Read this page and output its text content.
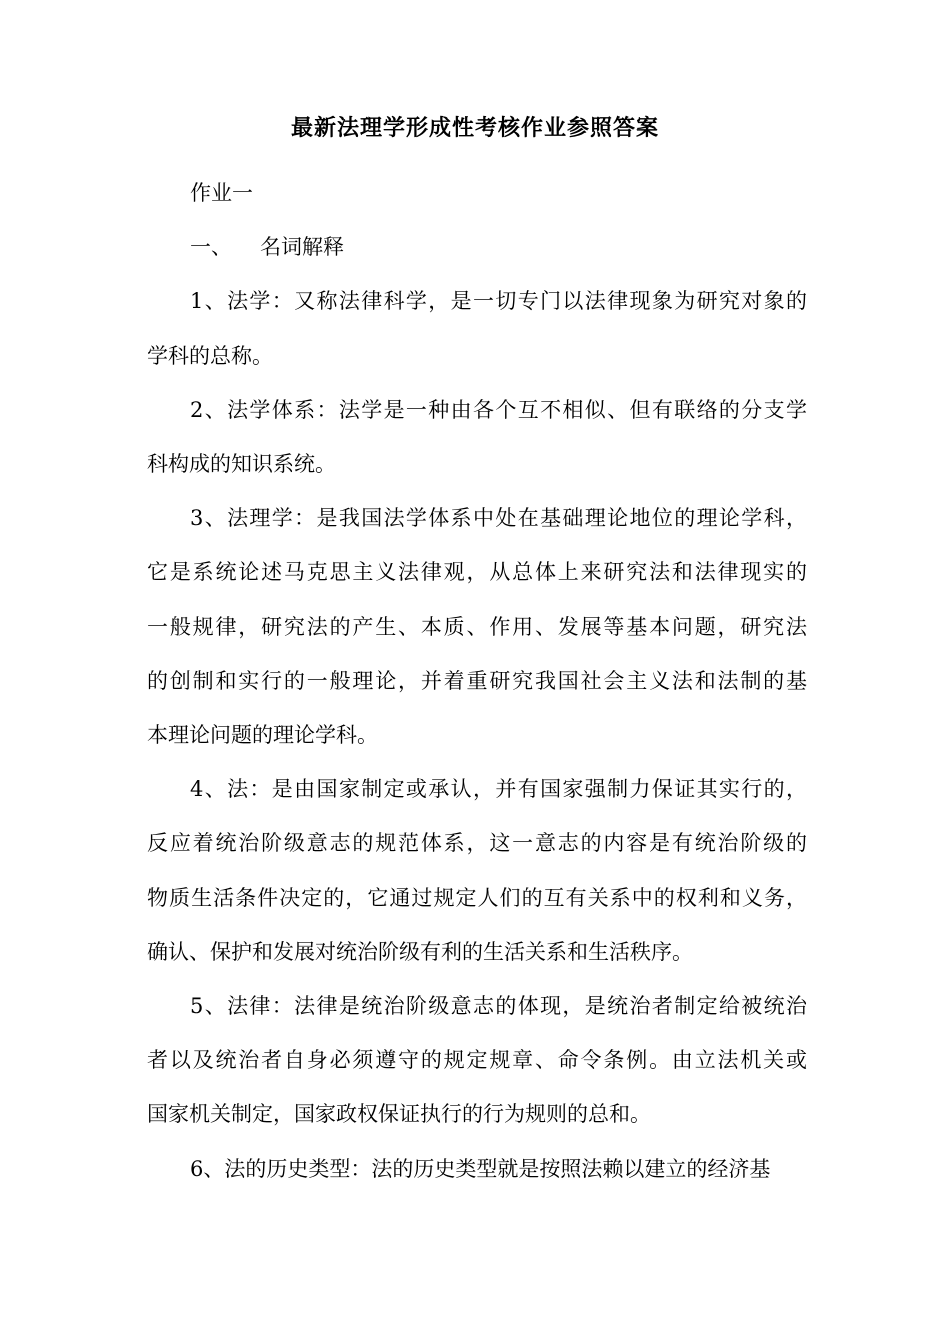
最新法理学形成性考核作业参照答案
作业一
一、 名词解释
1、法学：又称法律科学，是一切专门以法律现象为研究对象的
学科的总称。
2、法学体系：法学是一种由各个互不相似、但有联络的分支学
科构成的知识系统。
3、法理学：是我国法学体系中处在基础理论地位的理论学科，
它是系统论述马克思主义法律观，从总体上来研究法和法律现实的
一般规律，研究法的产生、本质、作用、发展等基本问题，研究法
的创制和实行的一般理论，并着重研究我国社会主义法和法制的基
本理论问题的理论学科。
4、法：是由国家制定或承认，并有国家强制力保证其实行的，
反应着统治阶级意志的规范体系，这一意志的内容是有统治阶级的
物质生活条件决定的，它通过规定人们的互有关系中的权利和义务，
确认、保护和发展对统治阶级有利的生活关系和生活秩序。
5、法律：法律是统治阶级意志的体现，是统治者制定给被统治
者以及统治者自身必须遵守的规定规章、命令条例。由立法机关或
国家机关制定，国家政权保证执行的行为规则的总和。
6、法的历史类型：法的历史类型就是按照法赖以建立的经济基
